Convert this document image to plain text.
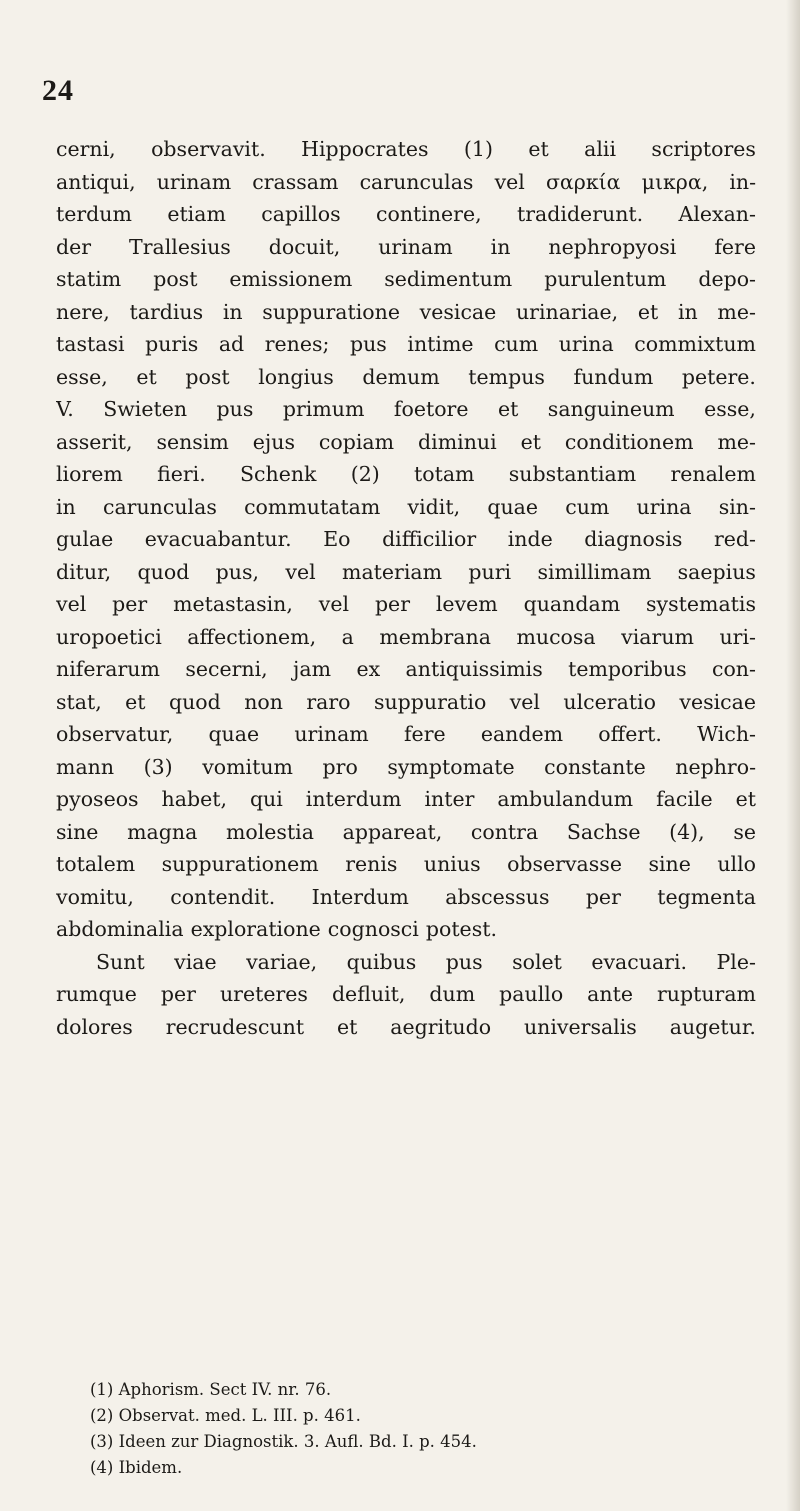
24
cerni, observavit. Hippocrates (1) et alii scriptores
antiqui, urinam crassam carunculas vel σαρκία μικρα, in-
terdum etiam capillos continere, tradiderunt. Alexan-
der Trallesius docuit, urinam in nephropyosi fere
statim post emissionem sedimentum purulentum depo-
nere, tardius in suppuratione vesicae urinariae, et in me-
tastasi puris ad renes; pus intime cum urina commixtum
esse, et post longius demum tempus fundum petere.
V. Swieten pus primum foetore et sanguineum esse,
asserit, sensim ejus copiam diminui et conditionem me-
liorem fieri. Schenk (2) totam substantiam renalem
in carunculas commutatam vidit, quae cum urina sin-
gulae evacuabantur. Eo difficilior inde diagnosis red-
ditur, quod pus, vel materiam puri simillimam saepius
vel per metastasin, vel per levem quandam systematis
uropoetici affectionem, a membrana mucosa viarum uri-
niferarum secerni, jam ex antiquissimis temporibus con-
stat, et quod non raro suppuratio vel ulceratio vesicae
observatur, quae urinam fere eandem offert. Wich-
mann (3) vomitum pro symptomate constante nephro-
pyoseos habet, qui interdum inter ambulandum facile et
sine magna molestia appareat, contra Sachse (4), se
totalem suppurationem renis unius observasse sine ullo
vomitu, contendit. Interdum abscessus per tegmenta
abdominalia exploratione cognosci potest.
Sunt viae variae, quibus pus solet evacuari. Ple-
rumque per ureteres defluit, dum paullo ante rupturam
dolores recrudescunt et aegritudo universalis augetur.
(1) Aphorism. Sect IV. nr. 76.
(2) Observat. med. L. III. p. 461.
(3) Ideen zur Diagnostik. 3. Aufl. Bd. I. p. 454.
(4) Ibidem.
